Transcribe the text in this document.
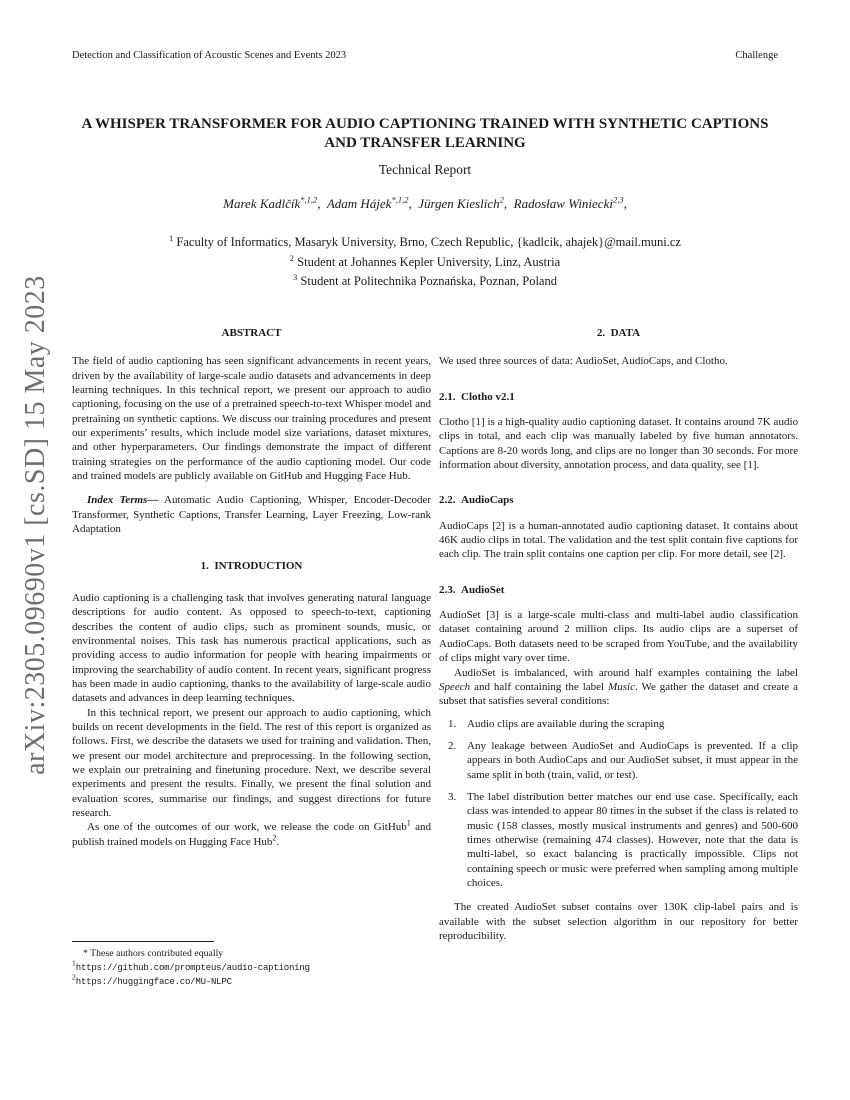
Detection and Classification of Acoustic Scenes and Events 2023	Challenge
arXiv:2305.09690v1 [cs.SD] 15 May 2023
A WHISPER TRANSFORMER FOR AUDIO CAPTIONING TRAINED WITH SYNTHETIC CAPTIONS AND TRANSFER LEARNING
Technical Report
Marek Kadlčík$^{*,1,2}$,  Adam Hájek$^{*,1,2}$,  Jürgen Kieslich$^2$,  Radosław Winiecki$^{2,3}$,
$^1$ Faculty of Informatics, Masaryk University, Brno, Czech Republic, {kadlcik, ahajek}@mail.muni.cz
$^2$ Student at Johannes Kepler University, Linz, Austria
$^3$ Student at Politechnika Poznańska, Poznan, Poland
ABSTRACT

The field of audio captioning has seen significant advancements in recent years, driven by the availability of large-scale audio datasets and advancements in deep learning techniques. In this technical report, we present our approach to audio captioning, focusing on the use of a pretrained speech-to-text Whisper model and pretraining on synthetic captions. We discuss our training procedures and present our experiments’ results, which include model size variations, dataset mixtures, and other hyperparameters. Our findings demonstrate the impact of different training strategies on the performance of the audio captioning model. Our code and trained models are publicly available on GitHub and Hugging Face Hub.

Index Terms— Automatic Audio Captioning, Whisper, Encoder-Decoder Transformer, Synthetic Captions, Transfer Learning, Layer Freezing, Low-rank Adaptation

1. INTRODUCTION

Audio captioning is a challenging task that involves generating natural language descriptions for audio content. As opposed to speech-to-text, captioning describes the content of audio clips, such as prominent sounds, music, or environmental noises. This task has numerous practical applications, such as providing access to audio information for people with hearing impairments or improving the searchability of audio content. In recent years, significant progress has been made in audio captioning, thanks to the availability of large-scale audio datasets and advances in deep learning techniques.

In this technical report, we present our approach to audio captioning, which builds on recent developments in the field. The rest of this report is organized as follows. First, we describe the datasets we used for training and validation. Then, we present our model architecture and preprocessing. In the following section, we explain our pretraining and finetuning procedure. Next, we describe several experiments and present the results. Finally, we present the final solution and evaluation scores, summarise our findings, and suggest directions for future research.

As one of the outcomes of our work, we release the code on GitHub$^1$ and publish trained models on Hugging Face Hub$^2$.

2. DATA

We used three sources of data: AudioSet, AudioCaps, and Clotho.

2.1. Clotho v2.1

Clotho [1] is a high-quality audio captioning dataset. It contains around 7K audio clips in total, and each clip was manually labeled by five human annotators. Captions are 8-20 words long, and clips are no longer than 30 seconds. For more information about diversity, annotation process, and data quality, see [1].

2.2. AudioCaps

AudioCaps [2] is a human-annotated audio captioning dataset. It contains about 46K audio clips in total. The validation and the test split contain five captions for each clip. The train split contains one caption per clip. For more detail, see [2].

2.3. AudioSet

AudioSet [3] is a large-scale multi-class and multi-label audio classification dataset containing around 2 million clips. Its audio clips are a superset of AudioCaps. Both datasets need to be scraped from YouTube, and the availability of clips might vary over time.

AudioSet is imbalanced, with around half examples containing the label Speech and half containing the label Music. We gather the dataset and create a subset that satisfies several conditions:

1. Audio clips are available during the scraping
2. Any leakage between AudioSet and AudioCaps is prevented. If a clip appears in both AudioCaps and our AudioSet subset, it must appear in the same split in both (train, valid, or test).
3. The label distribution better matches our end use case. Specifically, each class was intended to appear 80 times in the subset if the class is related to music (158 classes, mostly musical instruments and genres) and 500-600 times otherwise (remaining 474 classes). However, note that the data is multi-label, so exact balancing is practically impossible. Clips not containing speech or music were preferred when sampling among multiple choices.

The created AudioSet subset contains over 130K clip-label pairs and is available with the subset selection algorithm in our repository for better reproducibility.

* These authors contributed equally
$^1$https://github.com/prompteus/audio-captioning
$^2$https://huggingface.co/MU-NLPC
